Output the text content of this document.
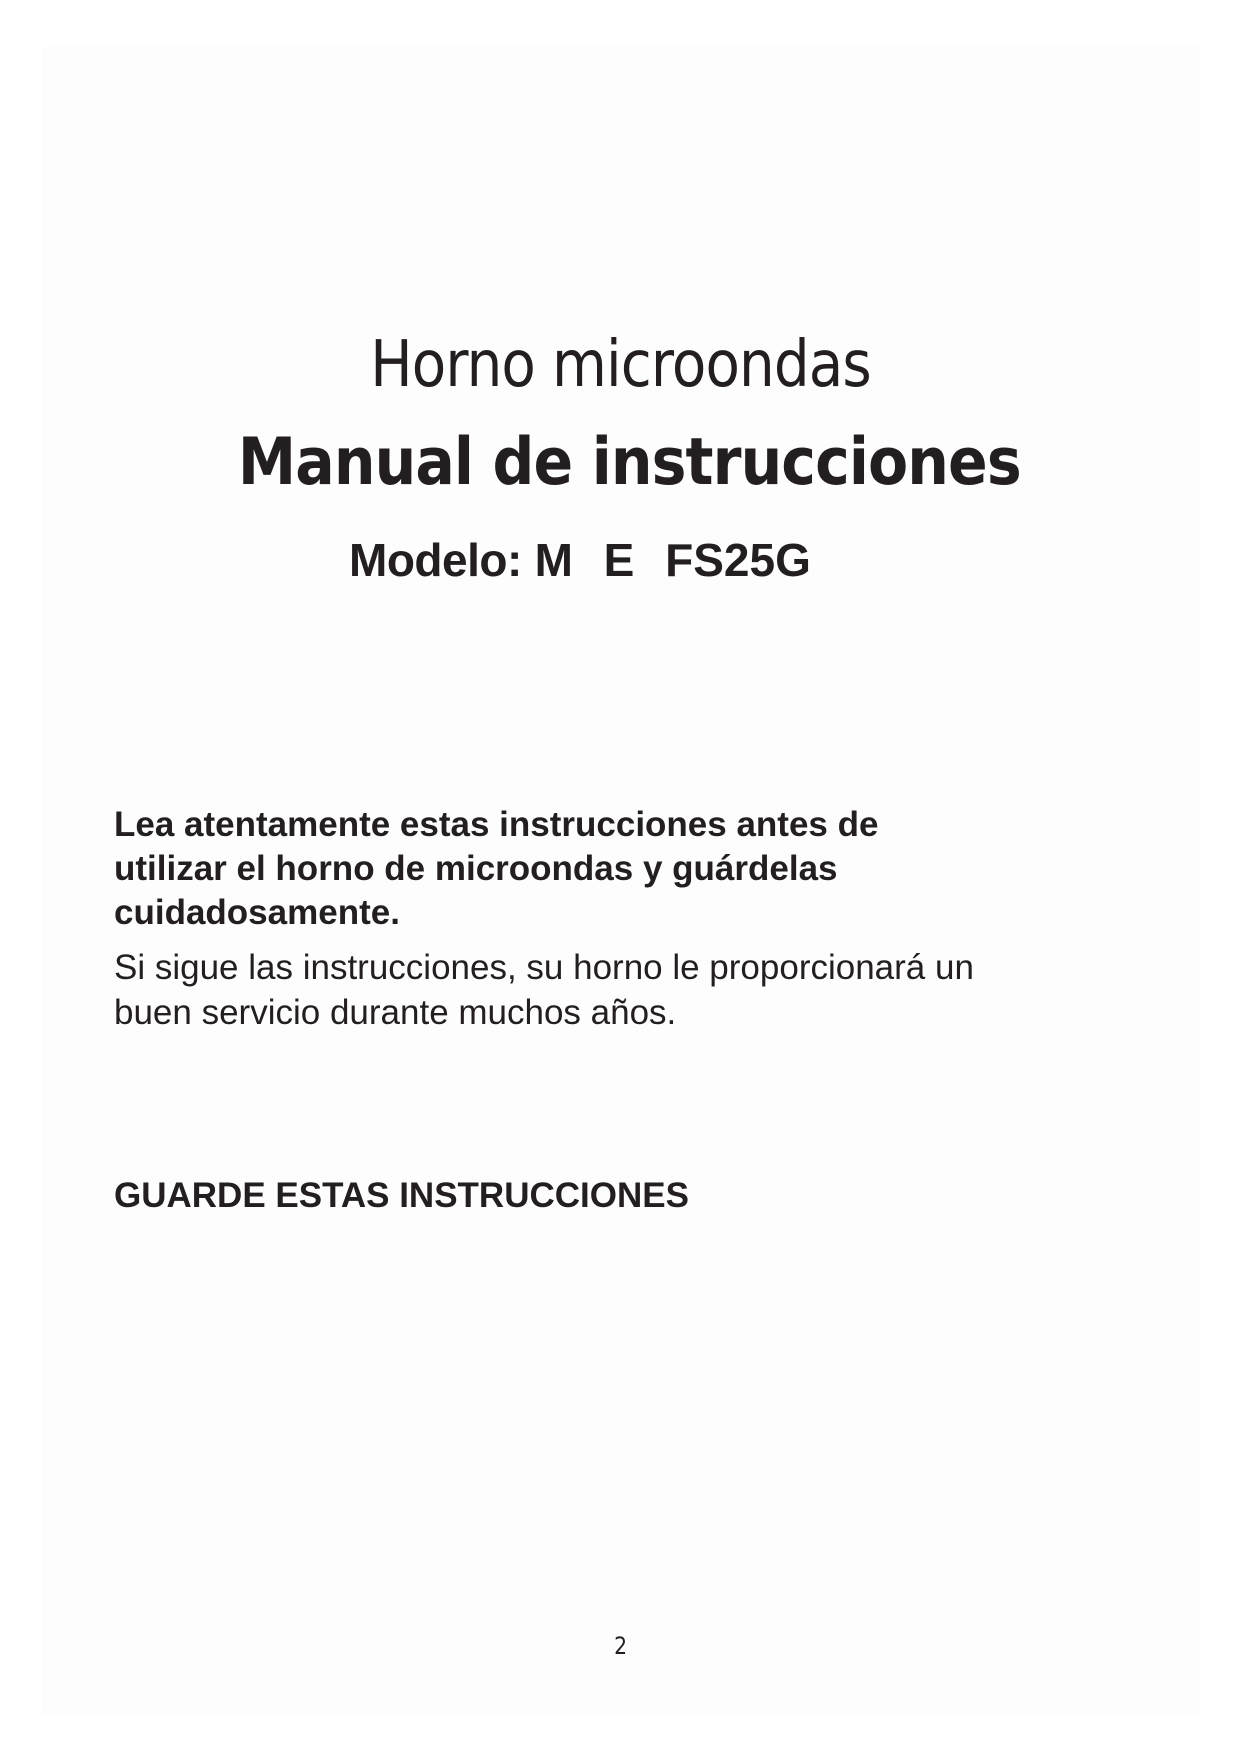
Horno microondas
Manual de instrucciones
Modelo: M E FS25G
Lea atentamente estas instrucciones antes de
utilizar el horno de microondas y guárdelas
cuidadosamente.
Si sigue las instrucciones, su horno le proporcionará un
buen servicio durante muchos años.
GUARDE ESTAS INSTRUCCIONES
2
